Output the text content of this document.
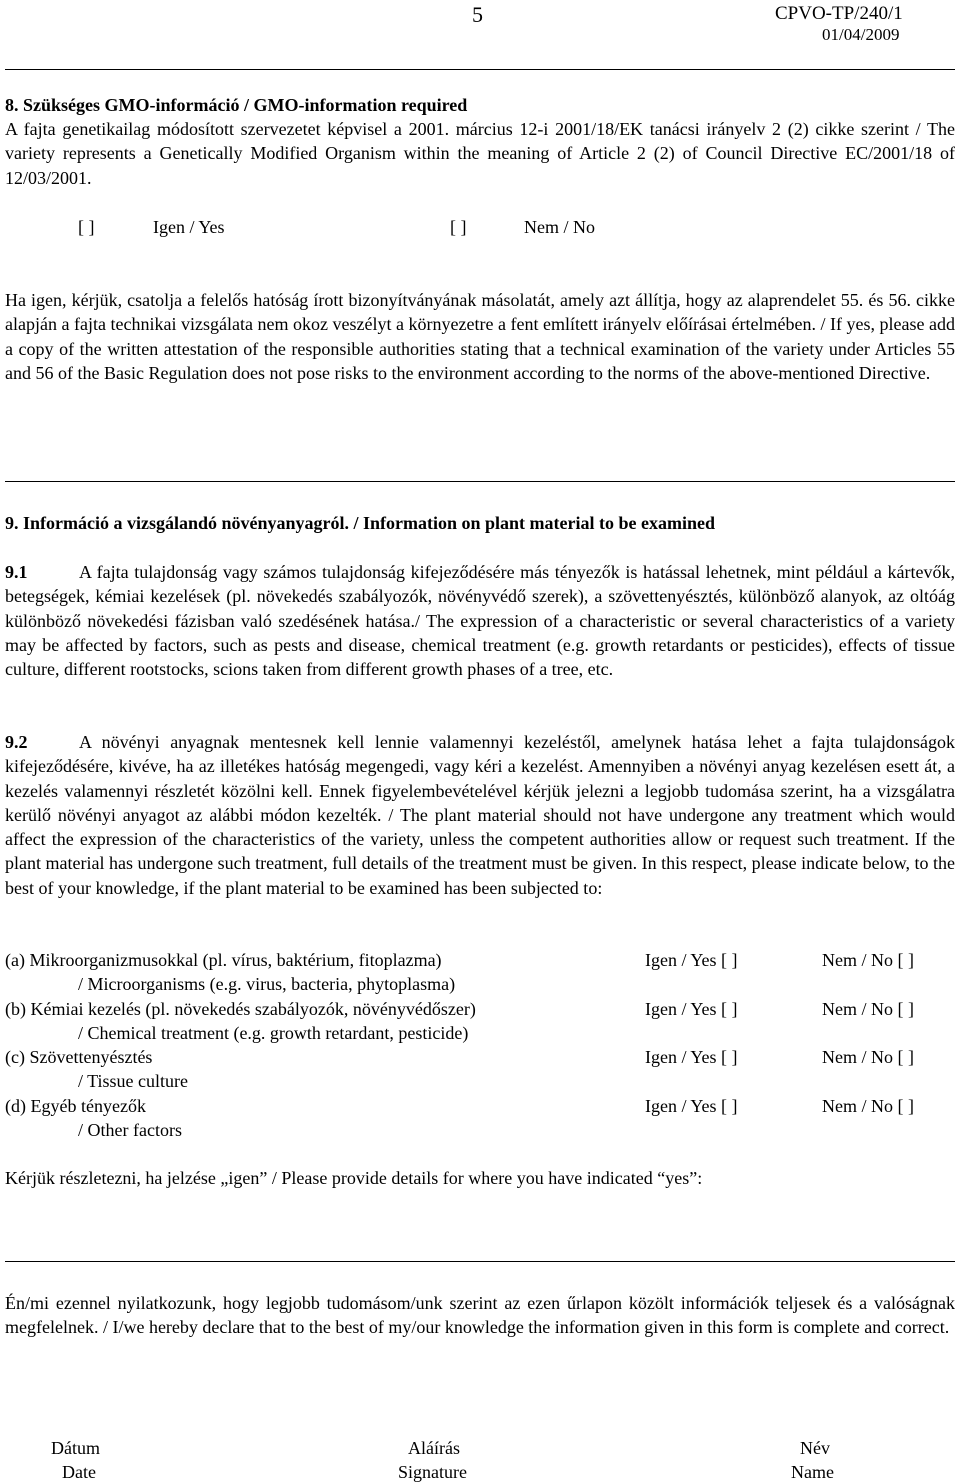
5	CPVO-TP/240/1
01/04/2009
8. Szükséges GMO-információ / GMO-information required

A fajta genetikailag módosított szervezetet képvisel a 2001. március 12-i 2001/18/EK tanácsi irányelv 2 (2) cikke szerint / The variety represents a Genetically Modified Organism within the meaning of Article 2 (2) of Council Directive EC/2001/18 of 12/03/2001.

[ ]	Igen / Yes	[ ]	Nem / No

Ha igen, kérjük, csatolja a felelős hatóság írott bizonyítványának másolatát, amely azt állítja, hogy az alaprendelet 55. és 56. cikke alapján a fajta technikai vizsgálata nem okoz veszélyt a környezetre a fent említett irányelv előírásai értelmében. / If yes, please add a copy of the written attestation of the responsible authorities stating that a technical examination of the variety under Articles 55 and 56 of the Basic Regulation does not pose risks to the environment according to the norms of the above-mentioned Directive.

9. Információ a vizsgálandó növényanyagról. / Information on plant material to be examined

9.1	A fajta tulajdonság vagy számos tulajdonság kifejeződésére más tényezők is hatással lehetnek, mint például a kártevők, betegségek, kémiai kezelések (pl. növekedés szabályozók, növényvédő szerek), a szövettenyésztés, különböző alanyok, az oltóág különböző növekedési fázisban való szedésének hatása./ The expression of a characteristic or several characteristics of a variety may be affected by factors, such as pests and disease, chemical treatment (e.g. growth retardants or pesticides), effects of tissue culture, different rootstocks, scions taken from different growth phases of a tree, etc.

9.2	A növényi anyagnak mentesnek kell lennie valamennyi kezeléstől, amelynek hatása lehet a fajta tulajdonságok kifejeződésére, kivéve, ha az illetékes hatóság megengedi, vagy kéri a kezelést. Amennyiben a növényi anyag kezelésen esett át, a kezelés valamennyi részletét közölni kell. Ennek figyelembevételével kérjük jelezni a legjobb tudomása szerint, ha a vizsgálatra kerülő növényi anyagot az alábbi módon kezelték. / The plant material should not have undergone any treatment which would affect the expression of the characteristics of the variety, unless the competent authorities allow or request such treatment. If the plant material has undergone such treatment, full details of the treatment must be given. In this respect, please indicate below, to the best of your knowledge, if the plant material to be examined has been subjected to:

(a) Mikroorganizmusokkal (pl. vírus, baktérium, fitoplazma)	Igen / Yes [ ]	Nem / No [ ]
/ Microorganisms (e.g. virus, bacteria, phytoplasma)
(b) Kémiai kezelés (pl. növekedés szabályozók, növényvédőszer)	Igen / Yes [ ]	Nem / No [ ]
/ Chemical treatment (e.g. growth retardant, pesticide)
(c) Szövettenyésztés	Igen / Yes [ ]	Nem / No [ ]
/ Tissue culture
(d) Egyéb tényezők	Igen / Yes [ ]	Nem / No [ ]
/ Other factors
Kérjük részletezni, ha jelzése „igen” / Please provide details for where you have indicated “yes”:

Én/mi ezennel nyilatkozunk, hogy legjobb tudomásom/unk szerint az ezen űrlapon közölt információk teljesek és a valóságnak megfelelnek. / I/we hereby declare that to the best of my/our knowledge the information given in this form is complete and correct.

Dátum	Aláírás	Név
Date	Signature	Name
